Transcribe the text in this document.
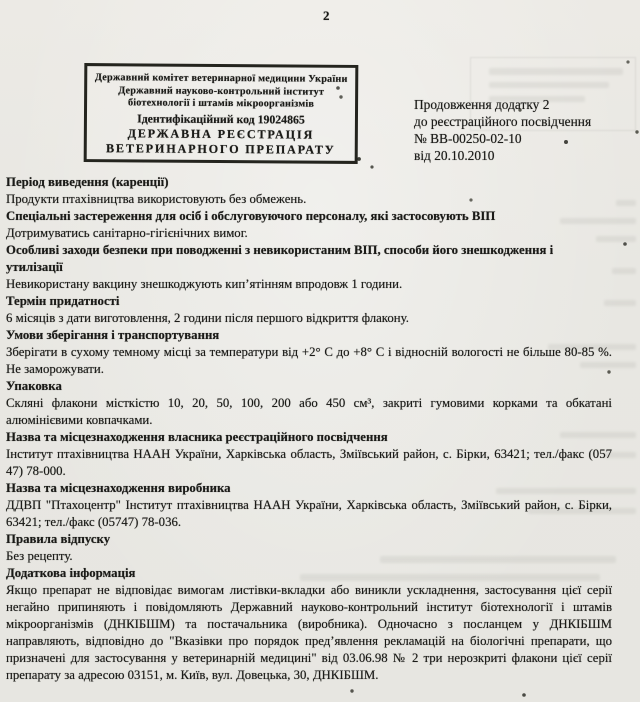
2
Державний комітет ветеринарної медицини України
Державний науково-контрольний інститут
біотехнології і штамів мікроорганізмів
Ідентифікаційний код 19024865
ДЕРЖАВНА РЕЄСТРАЦІЯ
ВЕТЕРИНАРНОГО ПРЕПАРАТУ
Продовження додатку 2
до реєстраційного посвідчення
№ ВВ-00250-02-10
від 20.10.2010
Період виведення (каренції)
Продукти птахівництва використовують без обмежень.
Спеціальні застереження для осіб і обслуговуючого персоналу, які застосовують ВІП
Дотримуватись санітарно-гігієнічних вимог.
Особливі заходи безпеки при поводженні з невикористаним ВІП, способи його знешкодження і утилізації
Невикористану вакцину знешкоджують кип’ятінням впродовж 1 години.
Термін придатності
6 місяців з дати виготовлення, 2 години після першого відкриття флакону.
Умови зберігання і транспортування
Зберігати в сухому темному місці за температури від +2° С до +8° С і відносній вологості не більше 80-85 %. Не заморожувати.
Упаковка
Скляні флакони місткістю 10, 20, 50, 100, 200 або 450 см³, закриті гумовими корками та обкатані алюмінієвими ковпачками.
Назва та місцезнаходження власника реєстраційного посвідчення
Інститут птахівництва НААН України, Харківська область, Зміївський район, с. Бірки, 63421; тел./факс (057 47) 78-000.
Назва та місцезнаходження виробника
ДДВП "Птахоцентр" Інститут птахівництва НААН України, Харківська область, Зміївський район, с. Бірки, 63421; тел./факс (05747) 78-036.
Правила відпуску
Без рецепту.
Додаткова інформація
Якщо препарат не відповідає вимогам листівки-вкладки або виникли ускладнення, застосування цієї серії негайно припиняють і повідомляють Державний науково-контрольний інститут біотехнології і штамів мікроорганізмів (ДНКІБШМ) та постачальника (виробника). Одночасно з посланцем у ДНКІБШМ направляють, відповідно до "Вказівки про порядок пред’явлення рекламацій на біологічні препарати, що призначені для застосування у ветеринарній медицині" від 03.06.98 № 2 три нерозкриті флакони цієї серії препарату за адресою 03151, м. Київ, вул. Довецька, 30, ДНКІБШМ.
